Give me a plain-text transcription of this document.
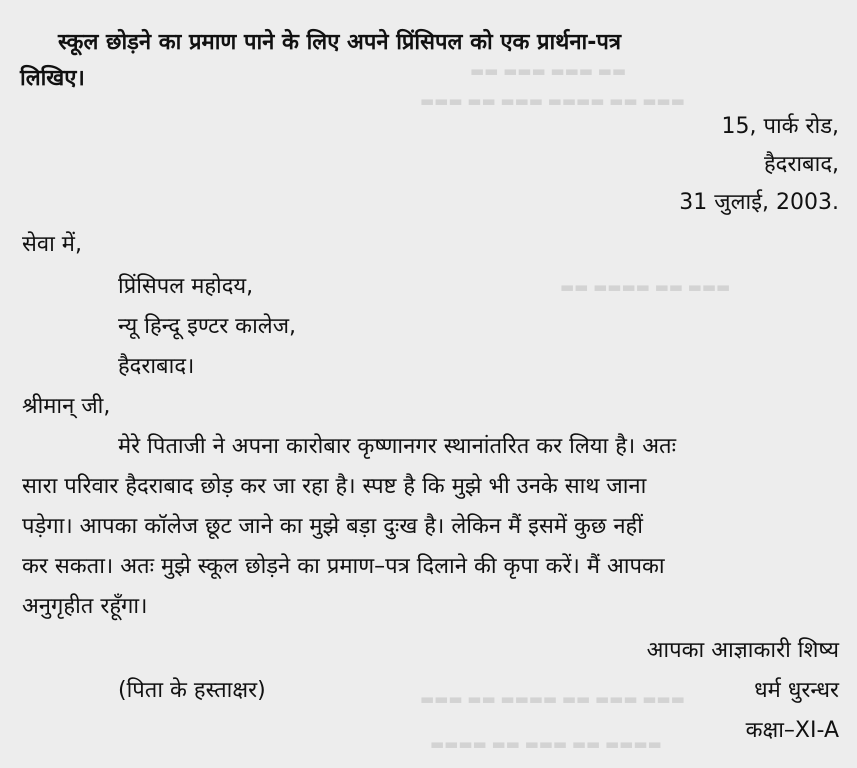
▬▬ ▬▬▬ ▬▬▬ ▬▬
▬▬▬ ▬▬ ▬▬▬ ▬▬▬▬ ▬▬ ▬▬▬
▬▬ ▬▬▬▬ ▬▬ ▬▬▬
▬▬▬ ▬▬ ▬▬▬▬ ▬▬ ▬▬▬ ▬▬▬
▬▬▬▬ ▬▬ ▬▬▬ ▬▬ ▬▬▬▬
स्कूल छोड़ने का प्रमाण पाने के लिए अपने प्रिंसिपल को एक प्रार्थना-पत्र
लिखिए।
15, पार्क रोड,
हैदराबाद,
31 जुलाई, 2003.
सेवा में,
प्रिंसिपल महोदय,
न्यू हिन्दू इण्टर कालेज,
हैदराबाद।
श्रीमान् जी,
मेरे पिताजी ने अपना कारोबार कृष्णानगर स्थानांतरित कर लिया है। अतः
सारा परिवार हैदराबाद छोड़ कर जा रहा है। स्पष्ट है कि मुझे भी उनके साथ जाना
पड़ेगा। आपका कॉलेज छूट जाने का मुझे बड़ा दुःख है। लेकिन मैं इसमें कुछ नहीं
कर सकता। अतः मुझे स्कूल छोड़ने का प्रमाण–पत्र दिलाने की कृपा करें। मैं आपका
अनुगृहीत रहूँगा।
आपका आज्ञाकारी शिष्य
(पिता के हस्ताक्षर)	धर्म धुरन्धर
कक्षा–XI-A
